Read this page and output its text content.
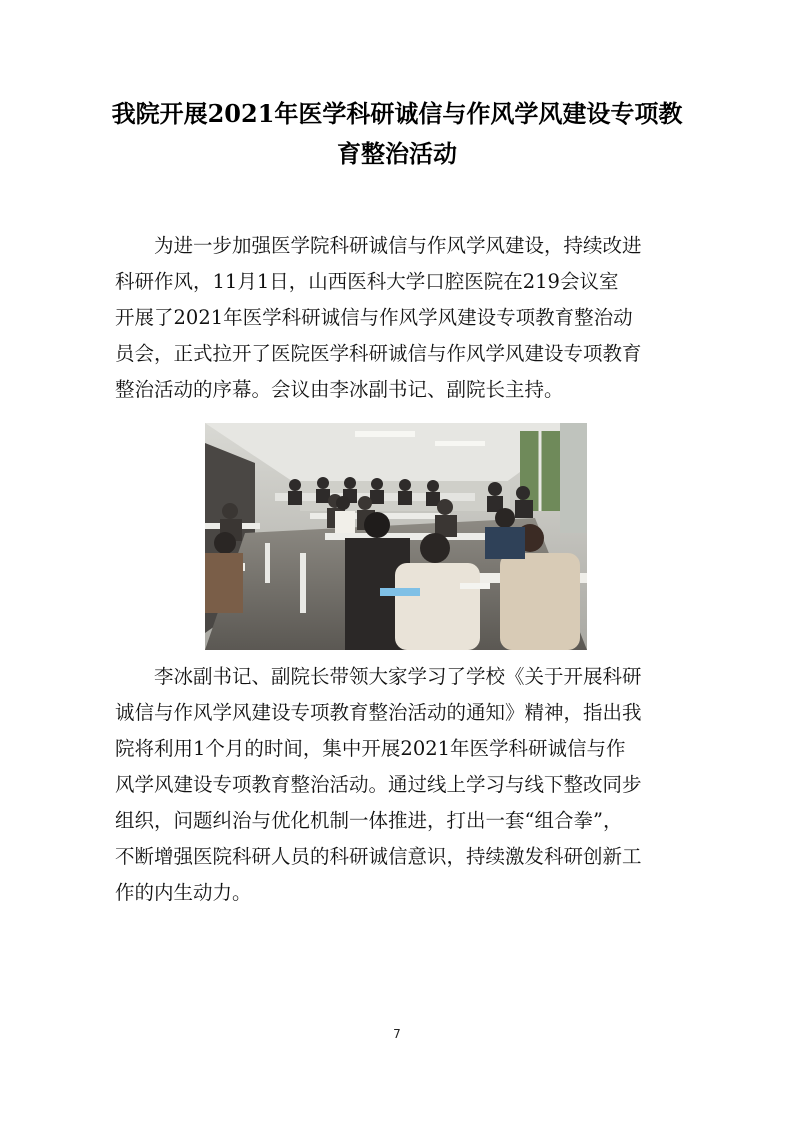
我院开展2021年医学科研诚信与作风学风建设专项教
育整治活动
　　为进一步加强医学院科研诚信与作风学风建设，持续改进
科研作风，11月1日，山西医科大学口腔医院在219会议室
开展了2021年医学科研诚信与作风学风建设专项教育整治动
员会，正式拉开了医院医学科研诚信与作风学风建设专项教育
整治活动的序幕。会议由李冰副书记、副院长主持。
　　李冰副书记、副院长带领大家学习了学校《关于开展科研
诚信与作风学风建设专项教育整治活动的通知》精神，指出我
院将利用1个月的时间，集中开展2021年医学科研诚信与作
风学风建设专项教育整治活动。通过线上学习与线下整改同步
组织，问题纠治与优化机制一体推进，打出一套“组合拳”，
不断增强医院科研人员的科研诚信意识，持续激发科研创新工
作的内生动力。
7
